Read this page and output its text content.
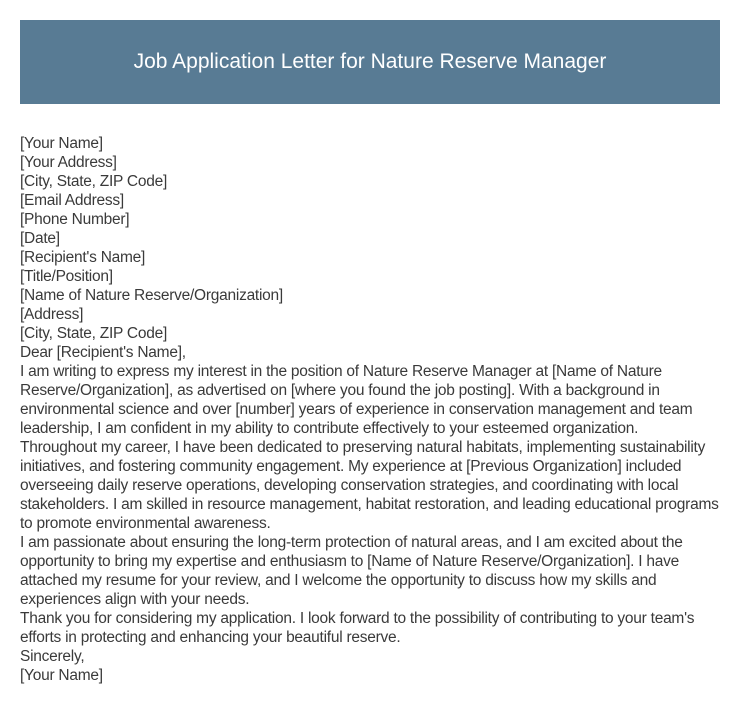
Job Application Letter for Nature Reserve Manager
[Your Name]
[Your Address]
[City, State, ZIP Code]
[Email Address]
[Phone Number]
[Date]
[Recipient's Name]
[Title/Position]
[Name of Nature Reserve/Organization]
[Address]
[City, State, ZIP Code]
Dear [Recipient's Name],

I am writing to express my interest in the position of Nature Reserve Manager at [Name of Nature Reserve/Organization], as advertised on [where you found the job posting]. With a background in environmental science and over [number] years of experience in conservation management and team leadership, I am confident in my ability to contribute effectively to your esteemed organization.

Throughout my career, I have been dedicated to preserving natural habitats, implementing sustainability initiatives, and fostering community engagement. My experience at [Previous Organization] included overseeing daily reserve operations, developing conservation strategies, and coordinating with local stakeholders. I am skilled in resource management, habitat restoration, and leading educational programs to promote environmental awareness.

I am passionate about ensuring the long-term protection of natural areas, and I am excited about the opportunity to bring my expertise and enthusiasm to [Name of Nature Reserve/Organization]. I have attached my resume for your review, and I welcome the opportunity to discuss how my skills and experiences align with your needs.

Thank you for considering my application. I look forward to the possibility of contributing to your team's efforts in protecting and enhancing your beautiful reserve.

Sincerely,
[Your Name]
